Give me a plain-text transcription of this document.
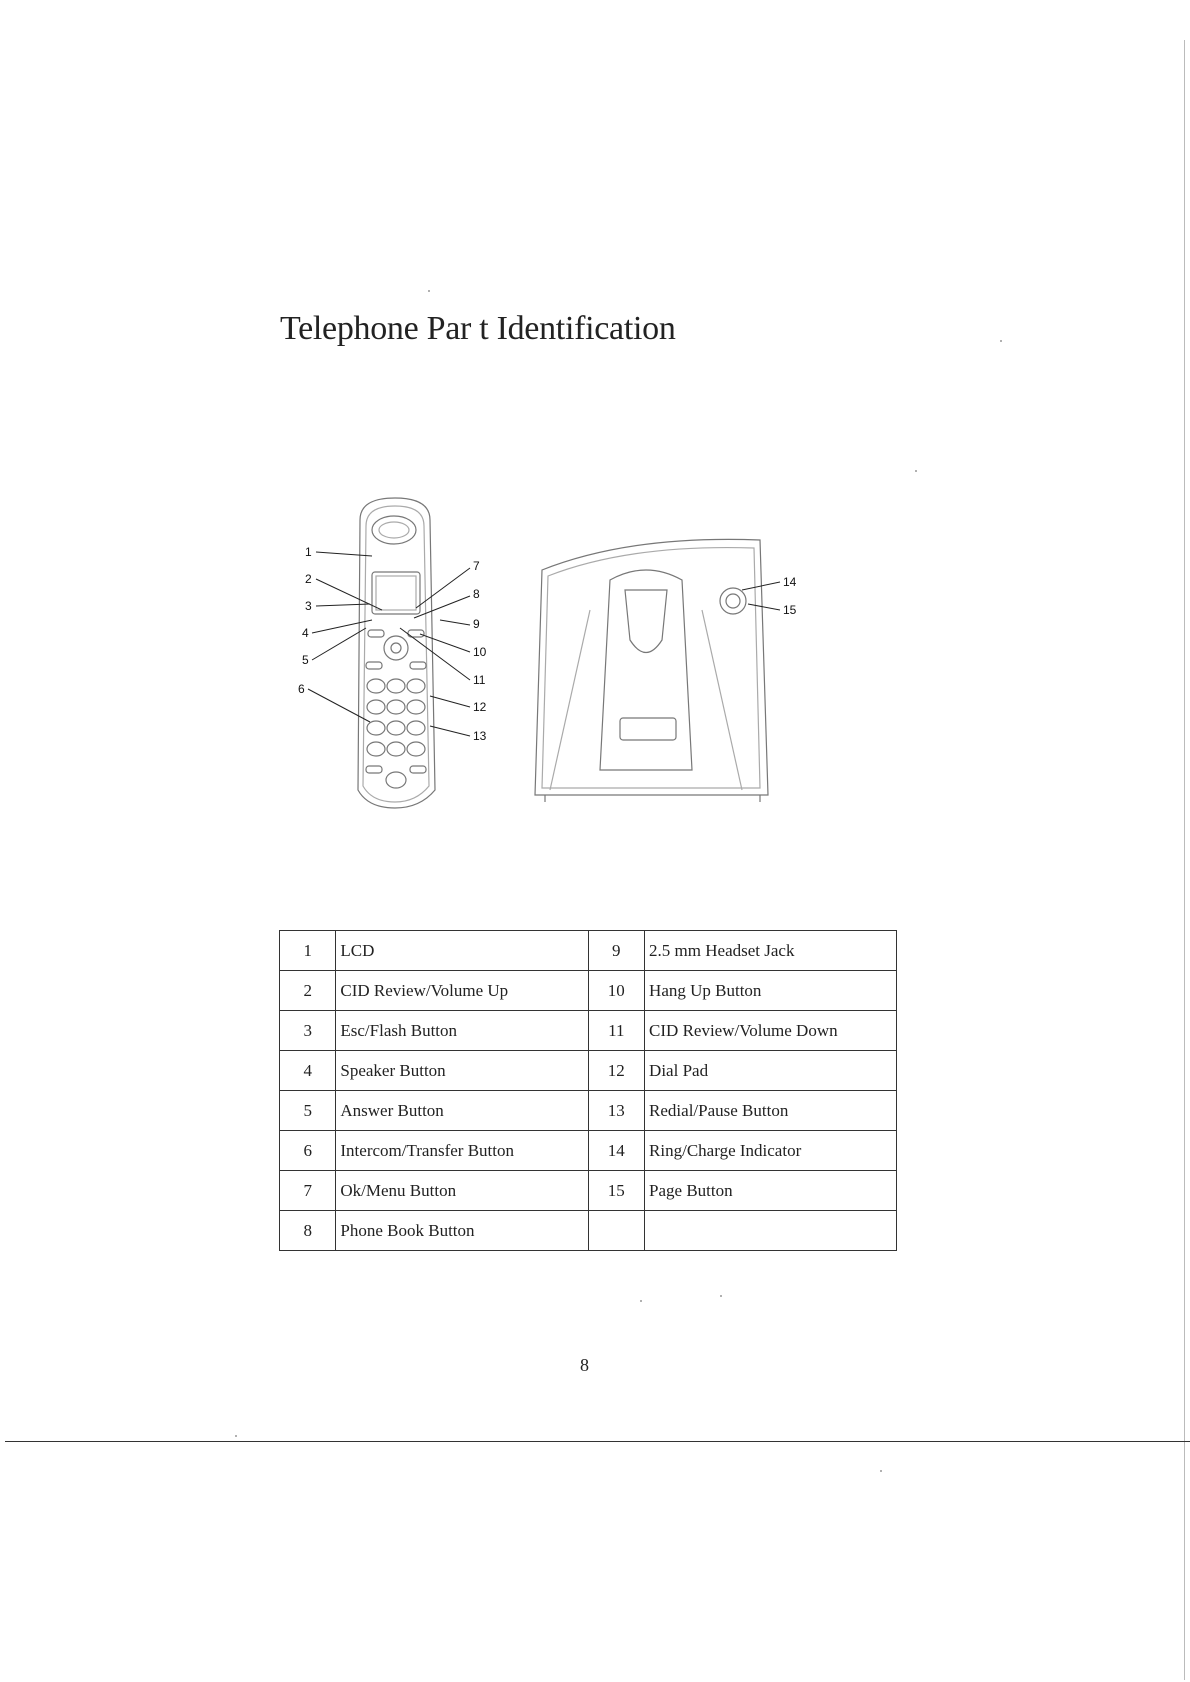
Telephone Par t Identification
1
2
3
4
5
6
7
8
9
10
11
12
13
14
15
1	LCD	9	2.5 mm Headset Jack
2	CID Review/Volume Up	10	Hang Up Button
3	Esc/Flash Button	11	CID Review/Volume Down
4	Speaker Button	12	Dial Pad
5	Answer Button	13	Redial/Pause Button
6	Intercom/Transfer Button	14	Ring/Charge Indicator
7	Ok/Menu Button	15	Page Button
8	Phone Book Button		
8
